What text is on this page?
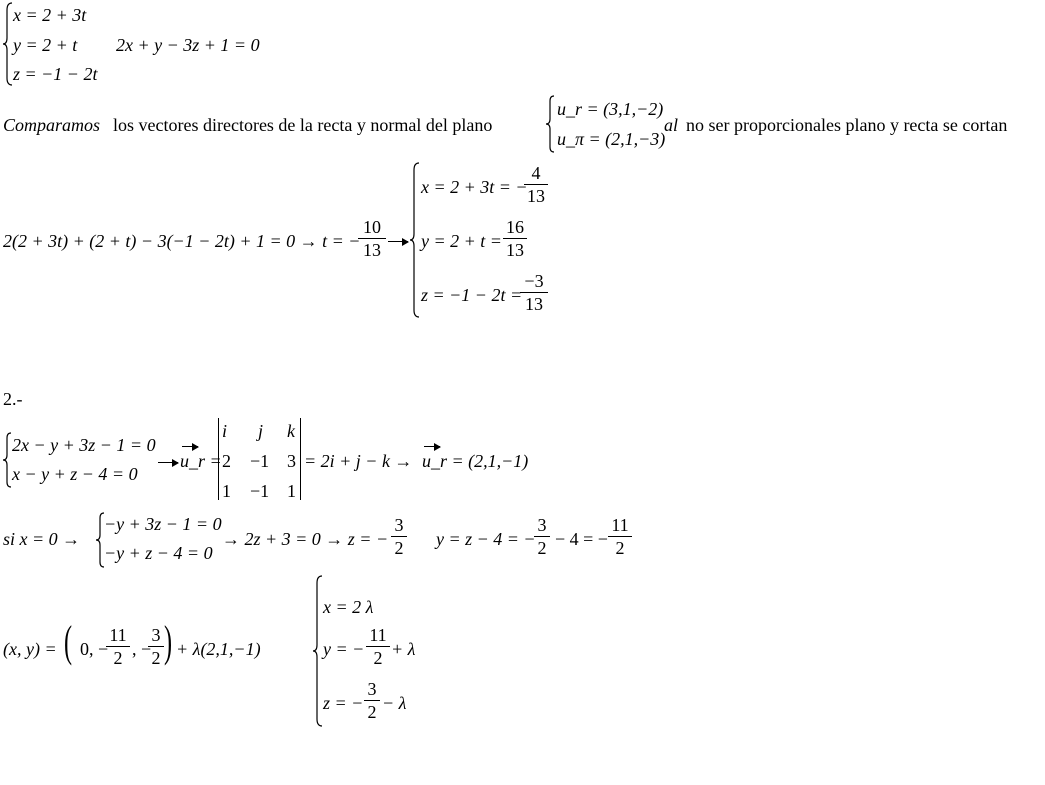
x = 2 + 3t
y = 2 + t
z = −1 − 2t
2x + y − 3z + 1 = 0
Comparamos los vectores directores de la recta y normal del plano
u_r = (3,1,−2)
u_π = (2,1,−3)
al no ser proporcionales plano y recta se cortan
2(2 + 3t) + (2 + t) − 3(−1 − 2t) + 1 = 0 → t = −
10
13
x = 2 + 3t = −
4
13
y = 2 + t =
16
13
z = −1 − 2t =
−3
13
2.-
2x − y + 3z − 1 = 0
x − y + z − 4 = 0
u_r =
i j k
2 −1 3
1 −1 1
= 2i + j − k → u_r = (2,1,−1)
si x = 0 →
−y + 3z − 1 = 0
−y + z − 4 = 0
→ 2z + 3 = 0 → z = −
3
2 y = z − 4 = −
3
2 − 4 = −
11
2
(x, y) = ( 0, −
11
2 , −
3
2 ) + λ(2,1,−1)
x = 2 λ
y = −
11
2 + λ
z = −
3
2 − λ
